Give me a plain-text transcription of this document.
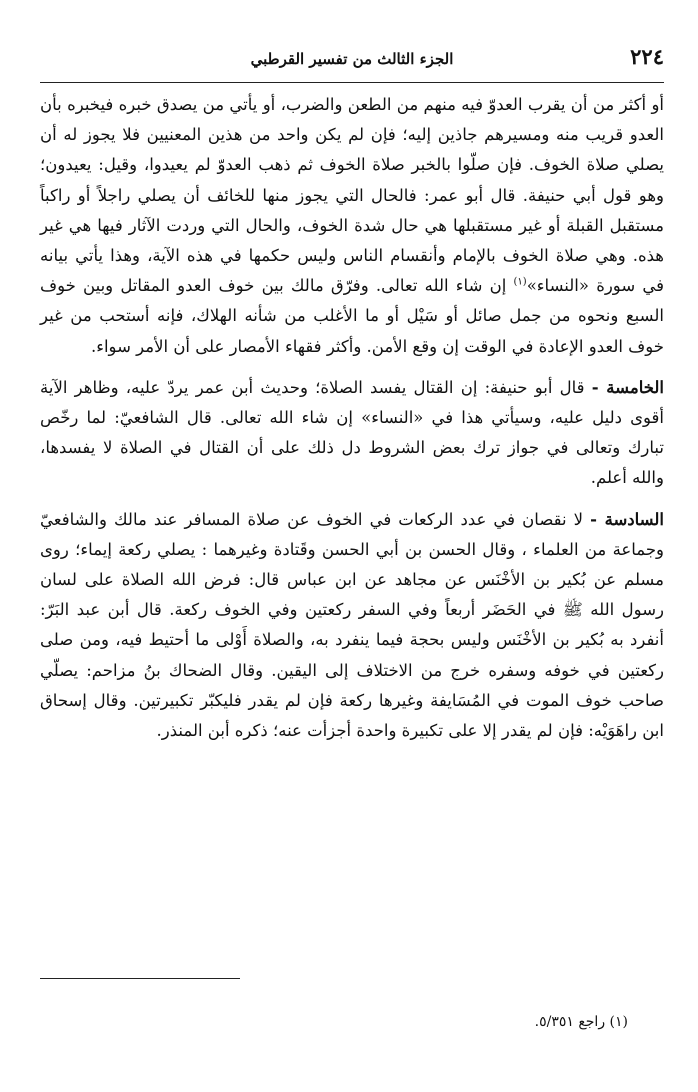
٢٢٤
الجزء الثالث من تفسير القرطبي

أو أكثر من أن يقرب العدوّ فيه منهم من الطعن والضرب، أو يأتي من يصدق خبره فيخبره بأن العدو قريب منه ومسيرهم جاذين إليه؛ فإن لم يكن واحد من هذين المعنيين فلا يجوز له أن يصلي صلاة الخوف. فإن صلّوا بالخبر صلاة الخوف ثم ذهب العدوّ لم يعيدوا، وقيل: يعيدون؛ وهو قول أبي حنيفة. قال أبو عمر: فالحال التي يجوز منها للخائف أن يصلي راجلاً أو راكباً مستقبل القبلة أو غير مستقبلها هي حال شدة الخوف، والحال التي وردت الآثار فيها هي غير هذه. وهي صلاة الخوف بالإمام وأنقسام الناس وليس حكمها في هذه الآية، وهذا يأتي بيانه في سورة «النساء»$^{(١)}$ إن شاء الله تعالى. وفرّق مالك بين خوف العدو المقاتل وبين خوف السبع ونحوه من جمل صائل أو سَيْل أو ما الأغلب من شأنه الهلاك، فإنه أستحب من غير خوف العدو الإعادة في الوقت إن وقع الأمن. وأكثر فقهاء الأمصار على أن الأمر سواء.

الخامسة - قال أبو حنيفة: إن القتال يفسد الصلاة؛ وحديث أبن عمر يردّ عليه، وظاهر الآية أقوى دليل عليه، وسيأتي هذا في «النساء» إن شاء الله تعالى. قال الشافعيّ: لما رخّص تبارك وتعالى في جواز ترك بعض الشروط دل ذلك على أن القتال في الصلاة لا يفسدها، والله أعلم.

السادسة - لا نقصان في عدد الركعات في الخوف عن صلاة المسافر عند مالك والشافعيّ وجماعة من العلماء ، وقال الحسن بن أبي الحسن وقَتادة وغيرهما : يصلي ركعة إيماء؛ روى مسلم عن بُكير بن الأخْنَس عن مجاهد عن ابن عباس قال: فرض الله الصلاة على لسان رسول الله ﷺ في الحَضَر أربعاً وفي السفر ركعتين وفي الخوف ركعة. قال أبن عبد البَرّ: أنفرد به بُكير بن الأخْنَس وليس بحجة فيما ينفرد به، والصلاة أَوْلى ما أحتيط فيه، ومن صلى ركعتين في خوفه وسفره خرج من الاختلاف إلى اليقين. وقال الضحاك بنُ مزاحم: يصلّي صاحب خوف الموت في المُسَايفة وغيرها ركعة فإن لم يقدر فليكبّر تكبيرتين. وقال إسحاق ابن راهَوَيْه: فإن لم يقدر إلا على تكبيرة واحدة أجزأت عنه؛ ذكره أبن المنذر.

(١) راجع ٥/٣٥١.
